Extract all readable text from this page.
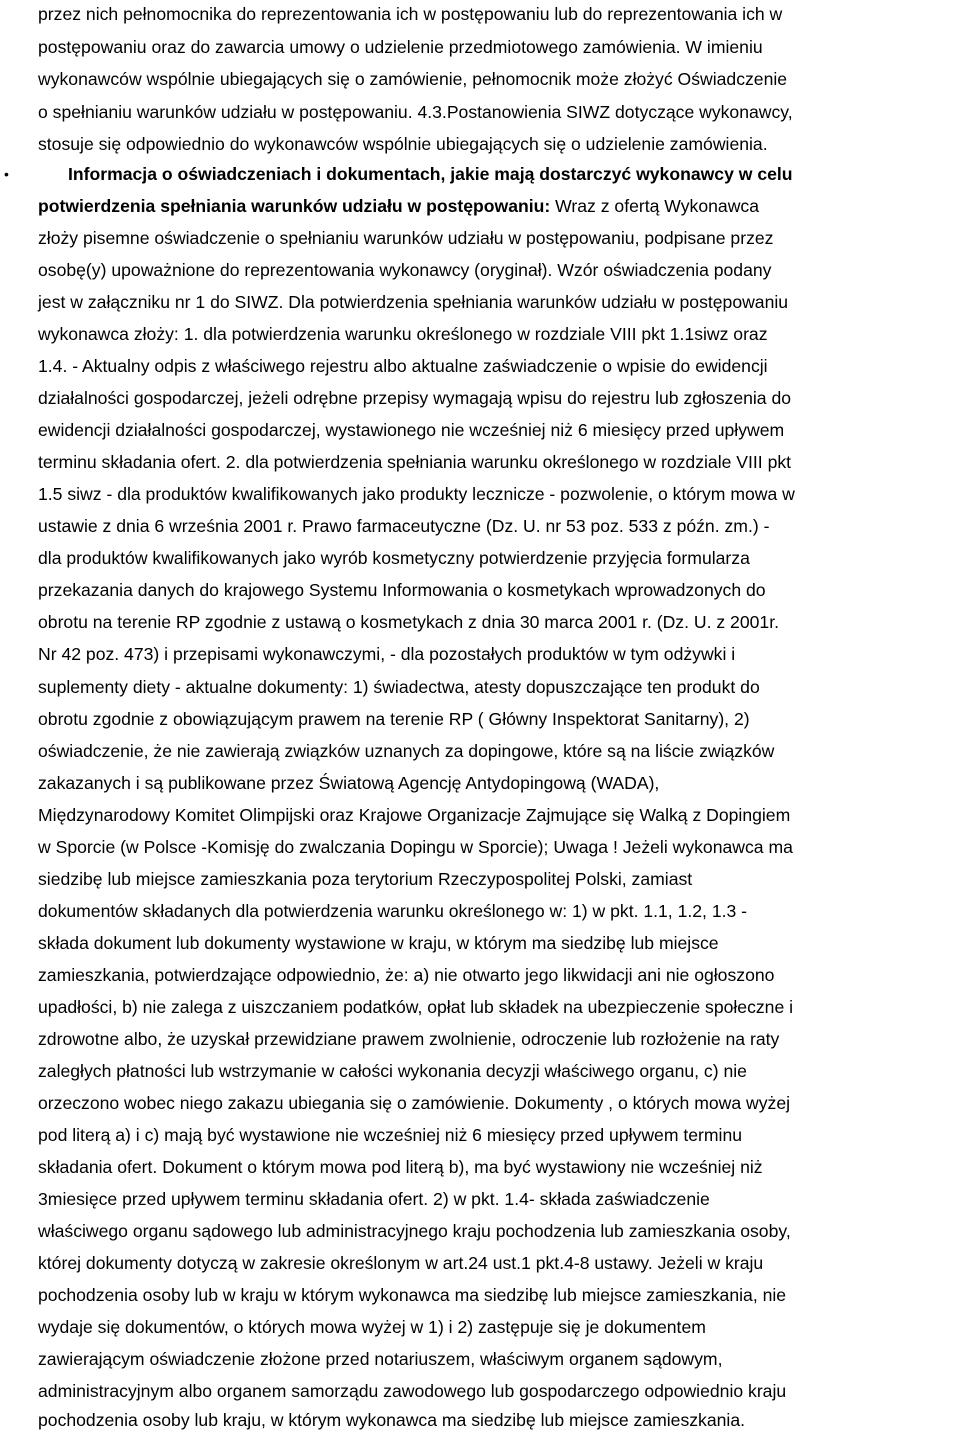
przez nich pełnomocnika do reprezentowania ich w postępowaniu lub do reprezentowania ich w
postępowaniu oraz do zawarcia umowy o udzielenie przedmiotowego zamówienia. W imieniu
wykonawców wspólnie ubiegających się o zamówienie, pełnomocnik może złożyć Oświadczenie
o spełnianiu warunków udziału w postępowaniu. 4.3.Postanowienia SIWZ dotyczące wykonawcy,
stosuje się odpowiednio do wykonawców wspólnie ubiegających się o udzielenie zamówienia.
•	Informacja o oświadczeniach i dokumentach, jakie mają dostarczyć wykonawcy w celu
potwierdzenia spełniania warunków udziału w postępowaniu: Wraz z ofertą Wykonawca
złoży pisemne oświadczenie o spełnianiu warunków udziału w postępowaniu, podpisane przez
osobę(y) upoważnione do reprezentowania wykonawcy (oryginał). Wzór oświadczenia podany
jest w załączniku nr 1 do SIWZ. Dla potwierdzenia spełniania warunków udziału w postępowaniu
wykonawca złoży: 1. dla potwierdzenia warunku określonego w rozdziale VIII pkt 1.1siwz oraz
1.4. - Aktualny odpis z właściwego rejestru albo aktualne zaświadczenie o wpisie do ewidencji
działalności gospodarczej, jeżeli odrębne przepisy wymagają wpisu do rejestru lub zgłoszenia do
ewidencji działalności gospodarczej, wystawionego nie wcześniej niż 6 miesięcy przed upływem
terminu składania ofert. 2. dla potwierdzenia spełniania warunku określonego w rozdziale VIII pkt
1.5 siwz - dla produktów kwalifikowanych jako produkty lecznicze - pozwolenie, o którym mowa w
ustawie z dnia 6 września 2001 r. Prawo farmaceutyczne (Dz. U. nr 53 poz. 533 z późn. zm.) -
dla produktów kwalifikowanych jako wyrób kosmetyczny potwierdzenie przyjęcia formularza
przekazania danych do krajowego Systemu Informowania o kosmetykach wprowadzonych do
obrotu na terenie RP zgodnie z ustawą o kosmetykach z dnia 30 marca 2001 r. (Dz. U. z 2001r.
Nr 42 poz. 473) i przepisami wykonawczymi, - dla pozostałych produktów w tym odżywki i
suplementy diety - aktualne dokumenty: 1) świadectwa, atesty dopuszczające ten produkt do
obrotu zgodnie z obowiązującym prawem na terenie RP ( Główny Inspektorat Sanitarny), 2)
oświadczenie, że nie zawierają związków uznanych za dopingowe, które są na liście związków
zakazanych i są publikowane przez Światową Agencję Antydopingową (WADA),
Międzynarodowy Komitet Olimpijski oraz Krajowe Organizacje Zajmujące się Walką z Dopingiem
w Sporcie (w Polsce -Komisję do zwalczania Dopingu w Sporcie); Uwaga ! Jeżeli wykonawca ma
siedzibę lub miejsce zamieszkania poza terytorium Rzeczypospolitej Polski, zamiast
dokumentów składanych dla potwierdzenia warunku określonego w: 1) w pkt. 1.1, 1.2, 1.3 -
składa dokument lub dokumenty wystawione w kraju, w którym ma siedzibę lub miejsce
zamieszkania, potwierdzające odpowiednio, że: a) nie otwarto jego likwidacji ani nie ogłoszono
upadłości, b) nie zalega z uiszczaniem podatków, opłat lub składek na ubezpieczenie społeczne i
zdrowotne albo, że uzyskał przewidziane prawem zwolnienie, odroczenie lub rozłożenie na raty
zaległych płatności lub wstrzymanie w całości wykonania decyzji właściwego organu, c) nie
orzeczono wobec niego zakazu ubiegania się o zamówienie. Dokumenty , o których mowa wyżej
pod literą a) i c) mają być wystawione nie wcześniej niż 6 miesięcy przed upływem terminu
składania ofert. Dokument o którym mowa pod literą b), ma być wystawiony nie wcześniej niż
3miesięce przed upływem terminu składania ofert. 2) w pkt. 1.4- składa zaświadczenie
właściwego organu sądowego lub administracyjnego kraju pochodzenia lub zamieszkania osoby,
której dokumenty dotyczą w zakresie określonym w art.24 ust.1 pkt.4-8 ustawy. Jeżeli w kraju
pochodzenia osoby lub w kraju w którym wykonawca ma siedzibę lub miejsce zamieszkania, nie
wydaje się dokumentów, o których mowa wyżej w 1) i 2) zastępuje się je dokumentem
zawierającym oświadczenie złożone przed notariuszem, właściwym organem sądowym,
administracyjnym albo organem samorządu zawodowego lub gospodarczego odpowiednio kraju
pochodzenia osoby lub kraju, w którym wykonawca ma siedzibę lub miejsce zamieszkania.
